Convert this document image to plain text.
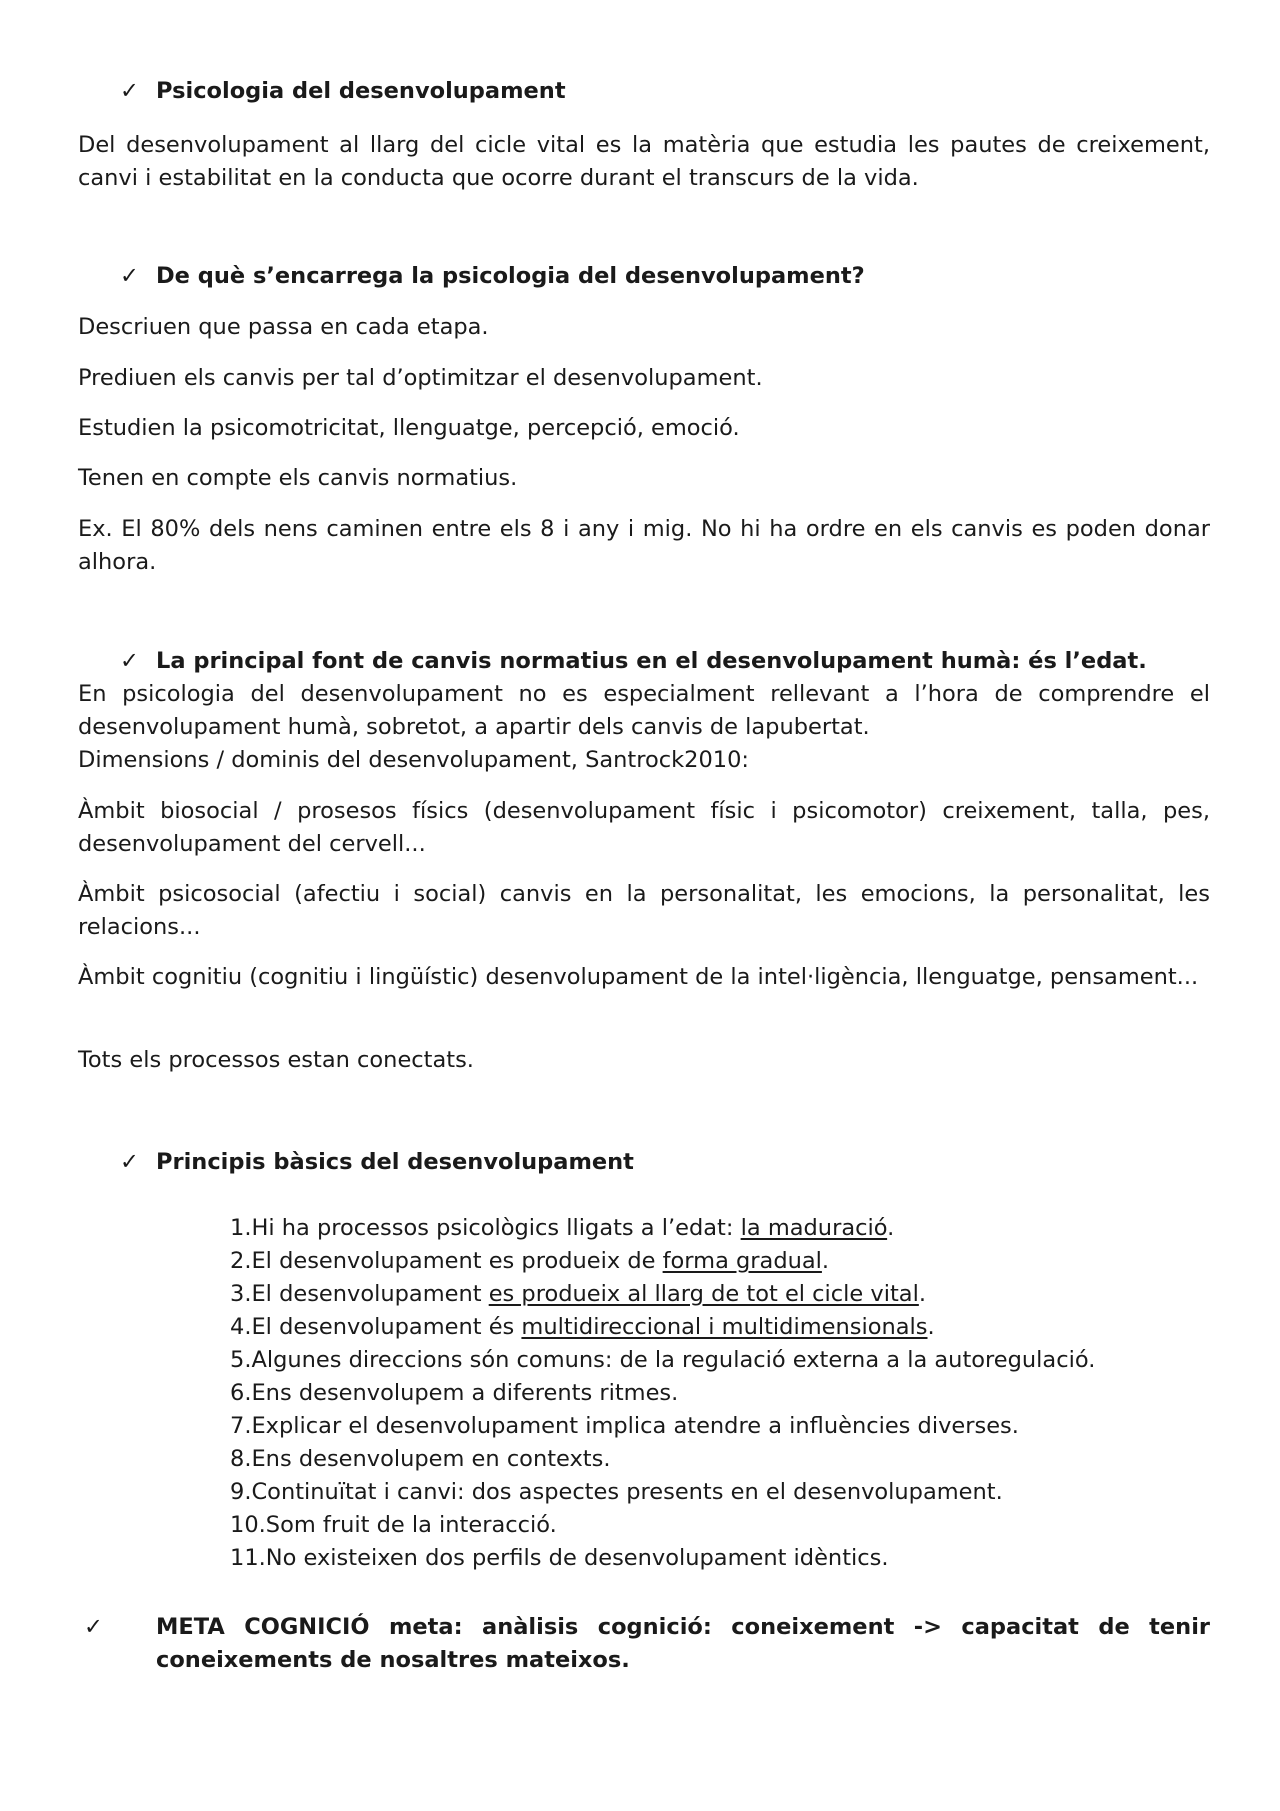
✓ Psicologia del desenvolupament
Del desenvolupament al llarg del cicle vital es la matèria que estudia les pautes de creixement, canvi i estabilitat en la conducta que ocorre durant el transcurs de la vida.
✓ De què s’encarrega la psicologia del desenvolupament?
Descriuen que passa en cada etapa.
Prediuen els canvis per tal d’optimitzar el desenvolupament.
Estudien la psicomotricitat, llenguatge, percepció, emoció.
Tenen en compte els canvis normatius.
Ex. El 80% dels nens caminen entre els 8 i any i mig. No hi ha ordre en els canvis es poden donar alhora.
✓ La principal font de canvis normatius en el desenvolupament humà: és l’edat.
En psicologia del desenvolupament no es especialment rellevant a l’hora de comprendre el desenvolupament humà, sobretot, a apartir dels canvis de lapubertat.
Dimensions / dominis del desenvolupament, Santrock2010:
Àmbit biosocial / prosesos físics (desenvolupament físic i psicomotor) creixement, talla, pes, desenvolupament del cervell...
Àmbit psicosocial (afectiu i social) canvis en la personalitat, les emocions, la personalitat, les relacions...
Àmbit cognitiu (cognitiu i lingüístic) desenvolupament de la intel·ligència, llenguatge, pensament...
Tots els processos estan conectats.
✓ Principis bàsics del desenvolupament
1.Hi ha processos psicològics lligats a l’edat: la maduració.
2.El desenvolupament es produeix de forma gradual.
3.El desenvolupament es produeix al llarg de tot el cicle vital.
4.El desenvolupament és multidireccional i multidimensionals.
5.Algunes direccions són comuns: de la regulació externa a la autoregulació.
6.Ens desenvolupem a diferents ritmes.
7.Explicar el desenvolupament implica atendre a influències diverses.
8.Ens desenvolupem en contexts.
9.Continuïtat i canvi: dos aspectes presents en el desenvolupament.
10.Som fruit de la interacció.
11.No existeixen dos perfils de desenvolupament idèntics.
✓ META COGNICIÓ meta: anàlisis cognició: coneixement -> capacitat de tenir coneixements de nosaltres mateixos.
